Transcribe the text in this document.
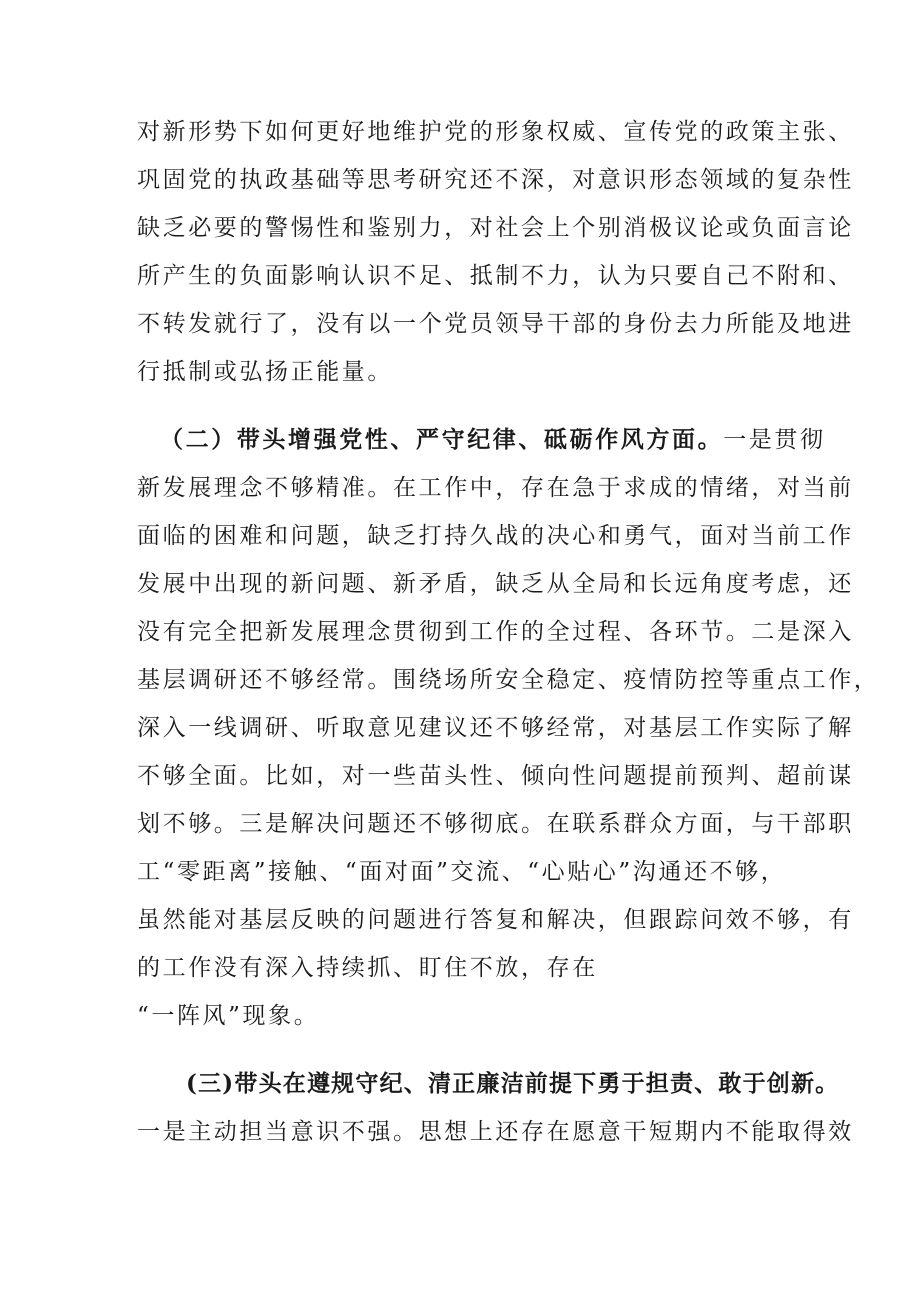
对新形势下如何更好地维护党的形象权威、宣传党的政策主张、
巩固党的执政基础等思考研究还不深，对意识形态领域的复杂性
缺乏必要的警惕性和鉴别力，对社会上个别消极议论或负面言论
所产生的负面影响认识不足、抵制不力，认为只要自己不附和、
不转发就行了，没有以一个党员领导干部的身份去力所能及地进
行抵制或弘扬正能量。
（二）带头增强党性、严守纪律、砥砺作风方面。一是贯彻
新发展理念不够精准。在工作中，存在急于求成的情绪，对当前
面临的困难和问题，缺乏打持久战的决心和勇气，面对当前工作
发展中出现的新问题、新矛盾，缺乏从全局和长远角度考虑，还
没有完全把新发展理念贯彻到工作的全过程、各环节。二是深入
基层调研还不够经常。围绕场所安全稳定、疫情防控等重点工作，
深入一线调研、听取意见建议还不够经常，对基层工作实际了解
不够全面。比如，对一些苗头性、倾向性问题提前预判、超前谋
划不够。三是解决问题还不够彻底。在联系群众方面，与干部职
工“零距离”接触、“面对面”交流、“心贴心”沟通还不够，
虽然能对基层反映的问题进行答复和解决，但跟踪问效不够，有
的工作没有深入持续抓、盯住不放，存在
“一阵风”现象。
(三)带头在遵规守纪、清正廉洁前提下勇于担责、敢于创新。
一是主动担当意识不强。思想上还存在愿意干短期内不能取得效
